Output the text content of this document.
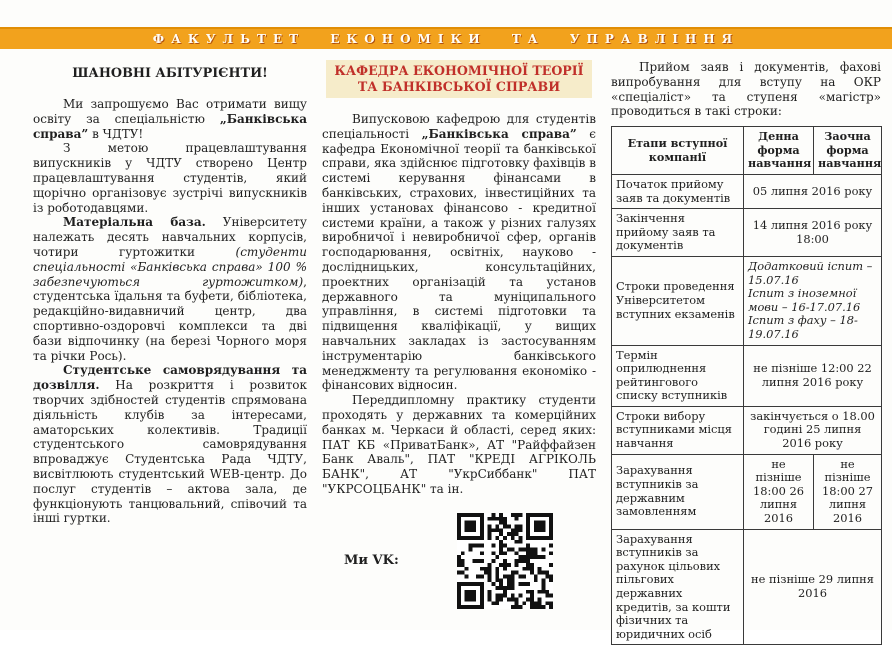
ФАКУЛЬТЕТ ЕКОНОМІКИ ТА УПРАВЛІННЯ
ШАНОВНІ АБІТУРІЄНТИ!

Ми запрошуємо Вас отримати вищу освіту за спеціальністю „Банківська справа” в ЧДТУ!

З метою працевлаштування випускників у ЧДТУ створено Центр працевлаштування студентів, який щорічно організовує зустрічі випускників із роботодавцями.

Матеріальна база. Університету належать десять навчальних корпусів, чотири гуртожитки (студенти спеціальності «Банківська справа» 100 % забезпечуються гуртожитком), студентська їдальня та буфети, бібліотека, редакційно-видавничий центр, два спортивно-оздоровчі комплекси та дві бази відпочинку (на березі Чорного моря та річки Рось).

Студентське самоврядування та дозвілля. На розкриття і розвиток творчих здібностей студентів спрямована діяльність клубів за інтересами, аматорських колективів. Традиції студентського самоврядування впроваджує Студентська Рада ЧДТУ, висвітлюють студентський WEB-центр. До послуг студентів – актова зала, де функціонують танцювальний, співочий та інші гуртки.

КАФЕДРА ЕКОНОМІЧНОЇ ТЕОРІЇ ТА БАНКІВСЬКОЇ СПРАВИ

Випусковою кафедрою для студентів спеціальності „Банківська справа” є кафедра Економічної теорії та банківської справи, яка здійснює підготовку фахівців в системі керування фінансами в банківських, страхових, інвестиційних та інших установах фінансово - кредитної системи країни, а також у різних галузях виробничої і невиробничої сфер, органів господарювання, освітніх, науково - дослідницьких, консультаційних, проектних організацій та установ державного та муніципального управління, в системі підготовки та підвищення кваліфікації, у вищих навчальних закладах із застосуванням інструментарію банківського менеджменту та регулювання економіко - фінансових відносин.

Переддипломну практику студенти проходять у державних та комерційних банках м. Черкаси й області, серед яких: ПАТ КБ «ПриватБанк», АТ "Райффайзен Банк Аваль", ПАТ "КРЕДІ АГРІКОЛЬ БАНК", АТ "УкрСиббанк" ПАТ "УКРСОЦБАНК" та ін.

Ми VK:

Прийом заяв і документів, фахові випробування для вступу на ОКР «спеціаліст» та ступеня «магістр» проводиться в такі строки:

Етапи вступної компанії	Денна форма навчання	Заочна форма навчання
Початок прийому заяв та документів	05 липня 2016 року	
Закінчення прийому заяв та документів	14 липня 2016 року 18:00	
Строки проведення Університетом вступних екзаменів	Додатковий іспит – 15.07.16
Іспит з іноземної мови – 16-17.07.16
Іспит з фаху – 18-19.07.16	

Термін оприлюднення рейтингового списку вступників	не пізніше 12:00 22 липня 2016 року	
Строки вибору вступниками місця навчання	закінчується о 18.00 годині 25 липня 2016 року	
Зарахування вступників за державним замовленням	не пізніше 18:00 26 липня 2016	не пізніше 18:00 27 липня 2016
Зарахування вступників за рахунок цільових пільгових державних кредитів, за кошти фізичних та юридичних осіб	не пізніше 29 липня 2016	
